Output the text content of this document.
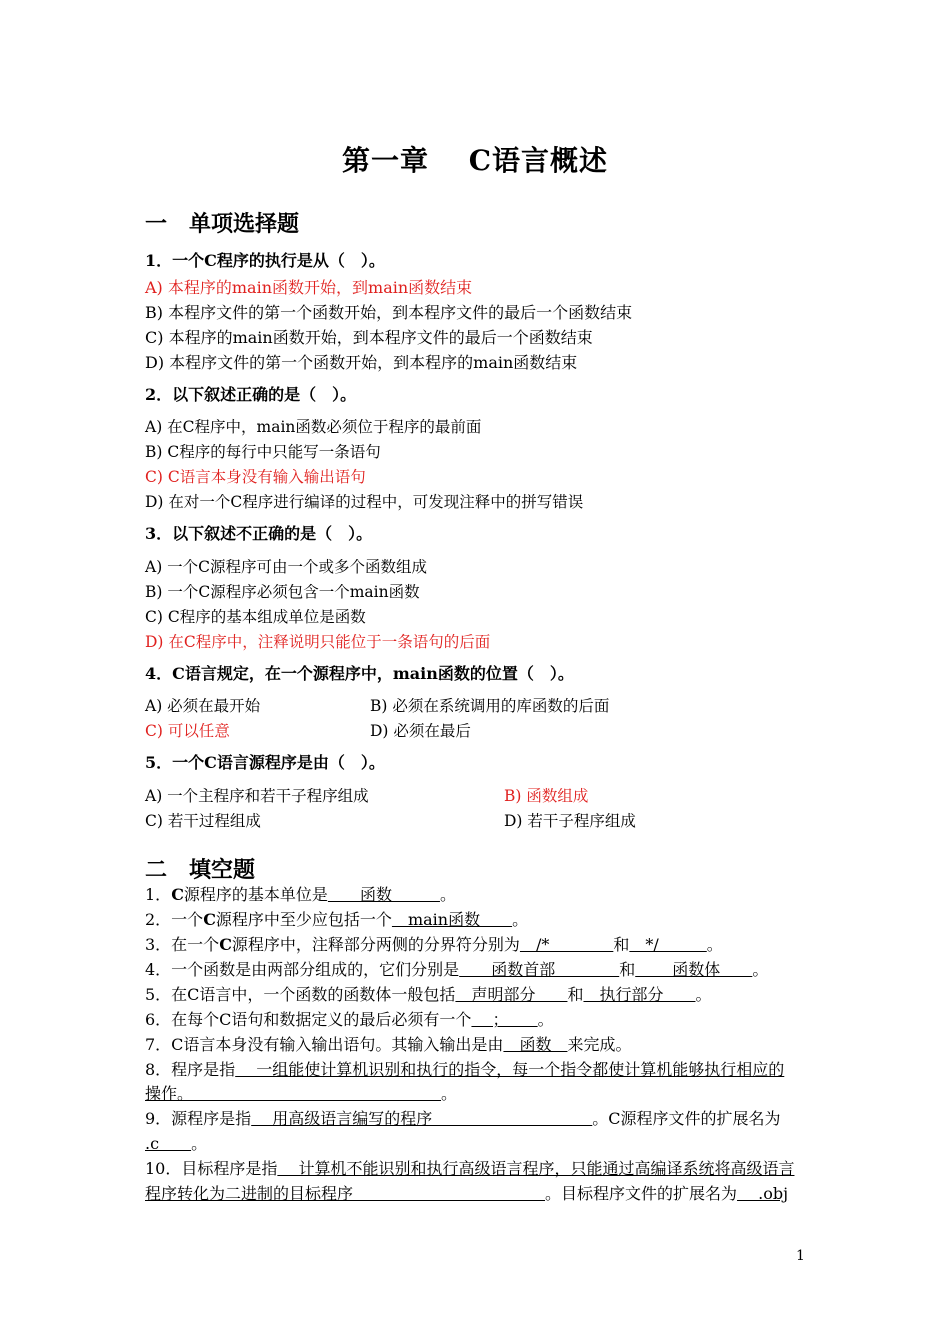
第一章　 C语言概述
一　单项选择题
1．一个C程序的执行是从（　）。
A) 本程序的main函数开始，到main函数结束
B) 本程序文件的第一个函数开始，到本程序文件的最后一个函数结束
C) 本程序的main函数开始，到本程序文件的最后一个函数结束
D) 本程序文件的第一个函数开始，到本程序的main函数结束
2．以下叙述正确的是（　）。
A) 在C程序中，main函数必须位于程序的最前面
B) C程序的每行中只能写一条语句
C) C语言本身没有输入输出语句
D) 在对一个C程序进行编译的过程中，可发现注释中的拼写错误
3．以下叙述不正确的是（　）。
A) 一个C源程序可由一个或多个函数组成
B) 一个C源程序必须包含一个main函数
C) C程序的基本组成单位是函数
D) 在C程序中，注释说明只能位于一条语句的后面
4．C语言规定，在一个源程序中，main函数的位置（　）。
A) 必须在最开始	B) 必须在系统调用的库函数的后面
C) 可以任意	D) 必须在最后
5．一个C语言源程序是由（　）。
A) 一个主程序和若干子程序组成	B) 函数组成
C) 若干过程组成	D) 若干子程序组成
二　填空题
1．C源程序的基本单位是　　函数　　　。
2．一个C源程序中至少应包括一个　main函数　　。
3．在一个C源程序中，注释部分两侧的分界符分别为　/*　　　　和　*/　　　。
4．一个函数是由两部分组成的，它们分别是　　函数首部　　　　和　　 函数体　　。
5．在C语言中，一个函数的函数体一般包括　声明部分　　和　执行部分　　。
6．在每个C语句和数据定义的最后必须有一个　 ；　　 。
7．C语言本身没有输入输出语句。其输入输出是由　函数　来完成。
8．程序是指　 一组能使计算机识别和执行的指令，每一个指令都使计算机能够执行相应的
操作。　　　　　　　　　　　　　　　　。
9．源程序是指　 用高级语言编写的程序　　　　　　　　　　。C源程序文件的扩展名为
.c　　。
10．目标程序是指　 计算机不能识别和执行高级语言程序，只能通过高编译系统将高级语言
程序转化为二进制的目标程序　　　　　　　　　　　　。目标程序文件的扩展名为　 .obj
1
